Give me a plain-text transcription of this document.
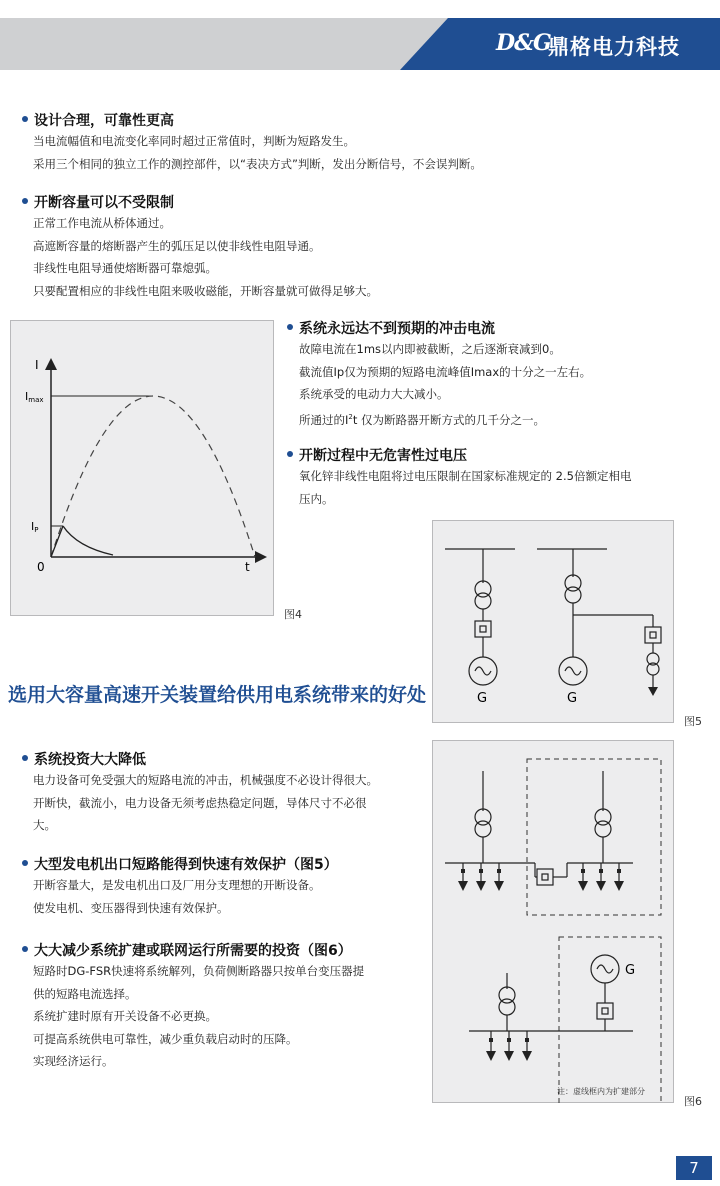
D&G
鼎格电力科技
设计合理，可靠性更高
当电流幅值和电流变化率同时超过正常值时，判断为短路发生。
采用三个相同的独立工作的测控部件，以“表决方式”判断，发出分断信号，不会误判断。
开断容量可以不受限制
正常工作电流从桥体通过。
高遮断容量的熔断器产生的弧压足以使非线性电阻导通。
非线性电阻导通使熔断器可靠熄弧。
只要配置相应的非线性电阻来吸收磁能，开断容量就可做得足够大。
I
Imax
IP
0	t
图4
系统永远达不到预期的冲击电流
故障电流在1ms以内即被截断，之后逐渐衰减到0。
截流值Ip仅为预期的短路电流峰值Imax的十分之一左右。
系统承受的电动力大大减小。
所通过的$I^2t$ 仅为断路器开断方式的几千分之一。
开断过程中无危害性过电压
氧化锌非线性电阻将过电压限制在国家标准规定的 2.5倍额定相电
压内。
G	G
图5
选用大容量高速开关装置给供用电系统带来的好处
系统投资大大降低
电力设备可免受强大的短路电流的冲击，机械强度不必设计得很大。
开断快，截流小，电力设备无须考虑热稳定问题，导体尺寸不必很
大。
大型发电机出口短路能得到快速有效保护（图5）
开断容量大，是发电机出口及厂用分支理想的开断设备。
使发电机、变压器得到快速有效保护。
大大减少系统扩建或联网运行所需要的投资（图6）
短路时DG-FSR快速将系统解列，负荷侧断路器只按单台变压器提
供的短路电流选择。
系统扩建时原有开关设备不必更换。
可提高系统供电可靠性，减少重负载启动时的压降。
实现经济运行。
G
注：虚线框内为扩建部分
图6
7
